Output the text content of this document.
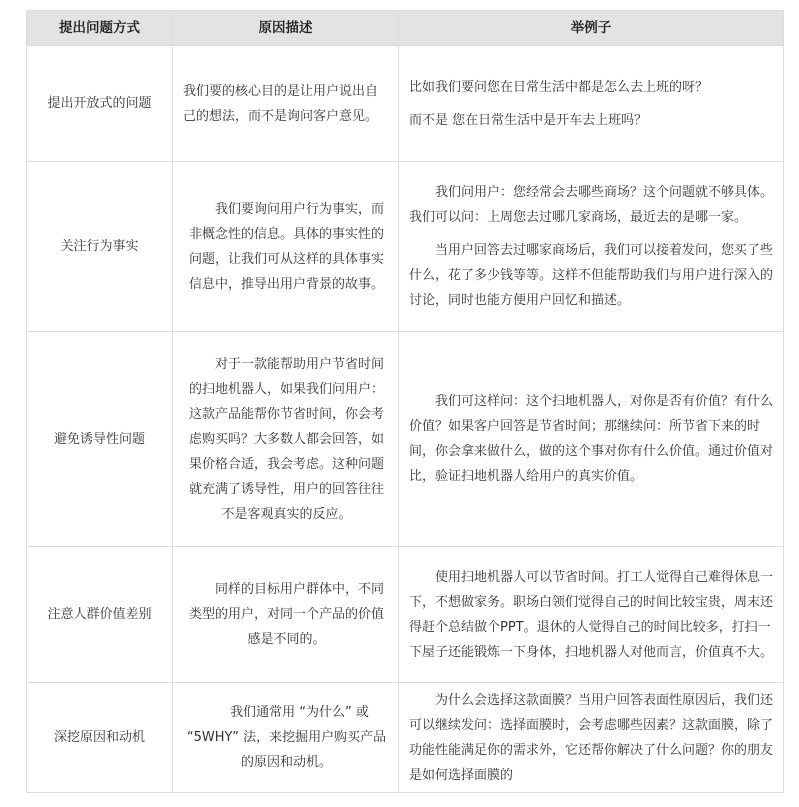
提出问题方式	原因描述	举例子
提出开放式的问题	我们要的核心目的是让用户说出自己的想法，而不是询问客户意见。	比如我们要问您在日常生活中都是怎么去上班的呀？

而不是 您在日常生活中是开车去上班吗？

关注行为事实	我们要询问用户行为事实，而非概念性的信息。具体的事实性的问题，让我们可从这样的具体事实信息中，推导出用户背景的故事。	我们问用户：您经常会去哪些商场？这个问题就不够具体。我们可以问：上周您去过哪几家商场，最近去的是哪一家。

当用户回答去过哪家商场后，我们可以接着发问，您买了些什么，花了多少钱等等。这样不但能帮助我们与用户进行深入的讨论，同时也能方便用户回忆和描述。

避免诱导性问题	对于一款能帮助用户节省时间的扫地机器人，如果我们问用户：这款产品能帮你节省时间，你会考虑购买吗？大多数人都会回答，如果价格合适，我会考虑。这种问题就充满了诱导性，用户的回答往往不是客观真实的反应。	我们可这样问：这个扫地机器人，对你是否有价值？有什么价值？如果客户回答是节省时间；那继续问：所节省下来的时间，你会拿来做什么，做的这个事对你有什么价值。通过价值对比，验证扫地机器人给用户的真实价值。

注意人群价值差别	同样的目标用户群体中，不同类型的用户，对同一个产品的价值感是不同的。	使用扫地机器人可以节省时间。打工人觉得自己难得休息一下，不想做家务。职场白领们觉得自己的时间比较宝贵，周末还得赶个总结做个PPT。退休的人觉得自己的时间比较多，打扫一下屋子还能锻炼一下身体，扫地机器人对他而言，价值真不大。

深挖原因和动机	我们通常用 “为什么” 或 “5WHY” 法，来挖掘用户购买产品的原因和动机。	为什么会选择这款面膜？当用户回答表面性原因后，我们还可以继续发问：选择面膜时，会考虑哪些因素？这款面膜，除了功能性能满足你的需求外，它还帮你解决了什么问题？你的朋友是如何选择面膜的
